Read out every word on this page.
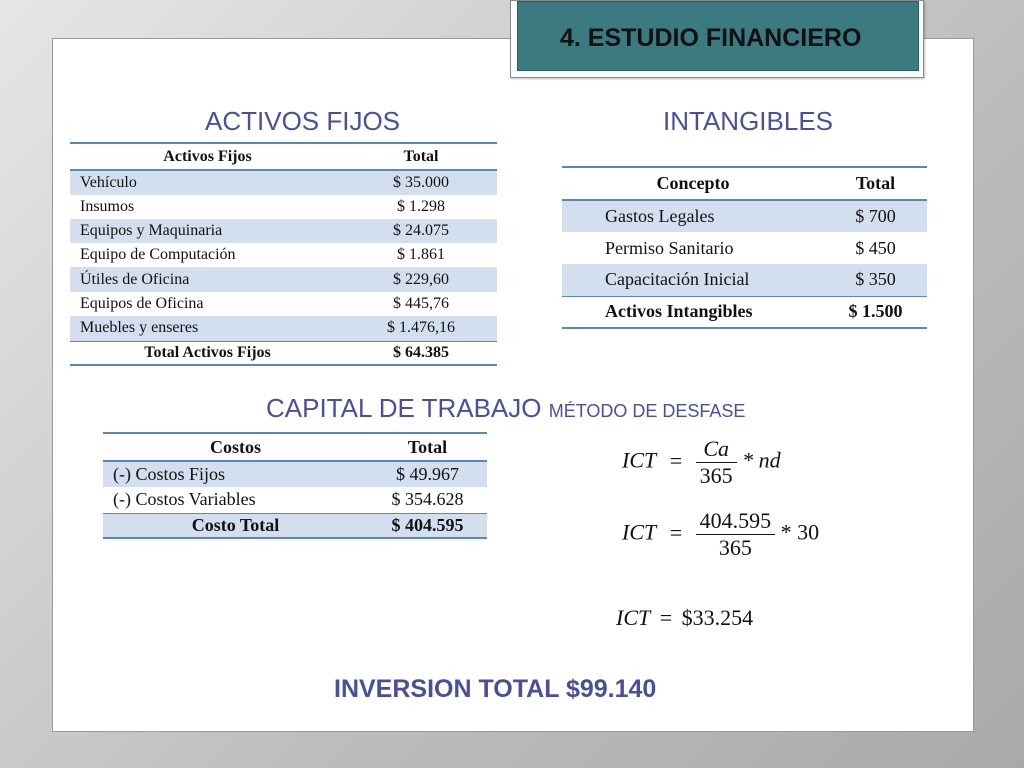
4. ESTUDIO FINANCIERO
ACTIVOS FIJOS
Activos Fijos	Total
Vehículo	$ 35.000
Insumos	$ 1.298
Equipos y Maquinaria	$ 24.075
Equipo de Computación	$ 1.861
Útiles de Oficina	$ 229,60
Equipos de Oficina	$ 445,76
Muebles y enseres	$ 1.476,16
Total Activos Fijos	$ 64.385
INTANGIBLES
Concepto	Total
Gastos Legales	$ 700
Permiso Sanitario	$ 450
Capacitación Inicial	$ 350
Activos Intangibles	$ 1.500
CAPITAL DE TRABAJO MÉTODO DE DESFASE
Costos	Total
(-) Costos Fijos	$ 49.967
(-) Costos Variables	$ 354.628
Costo Total	$ 404.595
ICT = $\frac{Ca}{365}$ * nd
ICT = $\frac{404.595}{365} * 30$
ICT = $33.254
INVERSION TOTAL $99.140
